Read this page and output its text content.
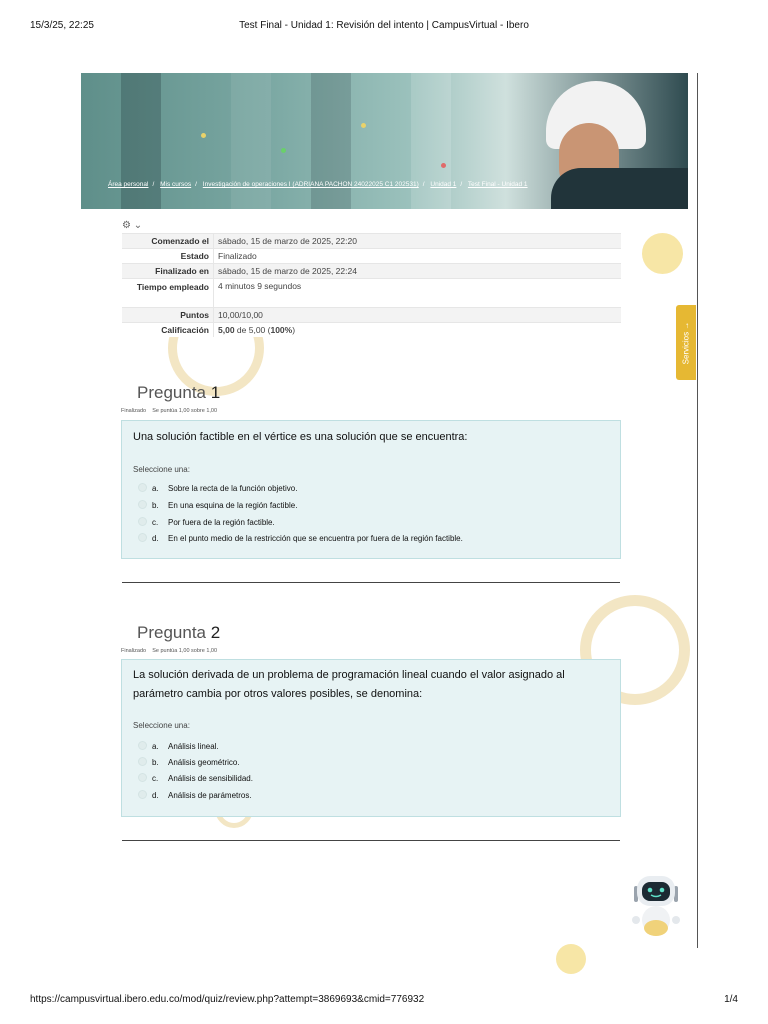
15/3/25, 22:25	Test Final - Unidad 1: Revisión del intento | CampusVirtual - Ibero
Área personal / Mis cursos / Investigación de operaciones I (ADRIANA PACHON 24022025 C1 202531) / Unidad 1 / Test Final - Unidad 1
⚙ ⌄
Comenzado el	sábado, 15 de marzo de 2025, 22:20
Estado	Finalizado
Finalizado en	sábado, 15 de marzo de 2025, 22:24
Tiempo empleado	4 minutos 9 segundos
Puntos	10,00/10,00
Calificación	5,00 de 5,00 (100%)	Servicios →
Pregunta 1
Finalizado Se puntúa 1,00 sobre 1,00
Una solución factible en el vértice es una solución que se encuentra:
Seleccione una:
a. Sobre la recta de la función objetivo.
b. En una esquina de la región factible.
c. Por fuera de la región factible.
d. En el punto medio de la restricción que se encuentra por fuera de la región factible.
Pregunta 2
Finalizado Se puntúa 1,00 sobre 1,00
La solución derivada de un problema de programación lineal cuando el valor asignado al parámetro cambia por otros valores posibles, se denomina:
Seleccione una:
a. Análisis lineal.
b. Análisis geométrico.
c. Análisis de sensibilidad.
d. Análisis de parámetros.
https://campusvirtual.ibero.edu.co/mod/quiz/review.php?attempt=3869693&cmid=776932	1/4
